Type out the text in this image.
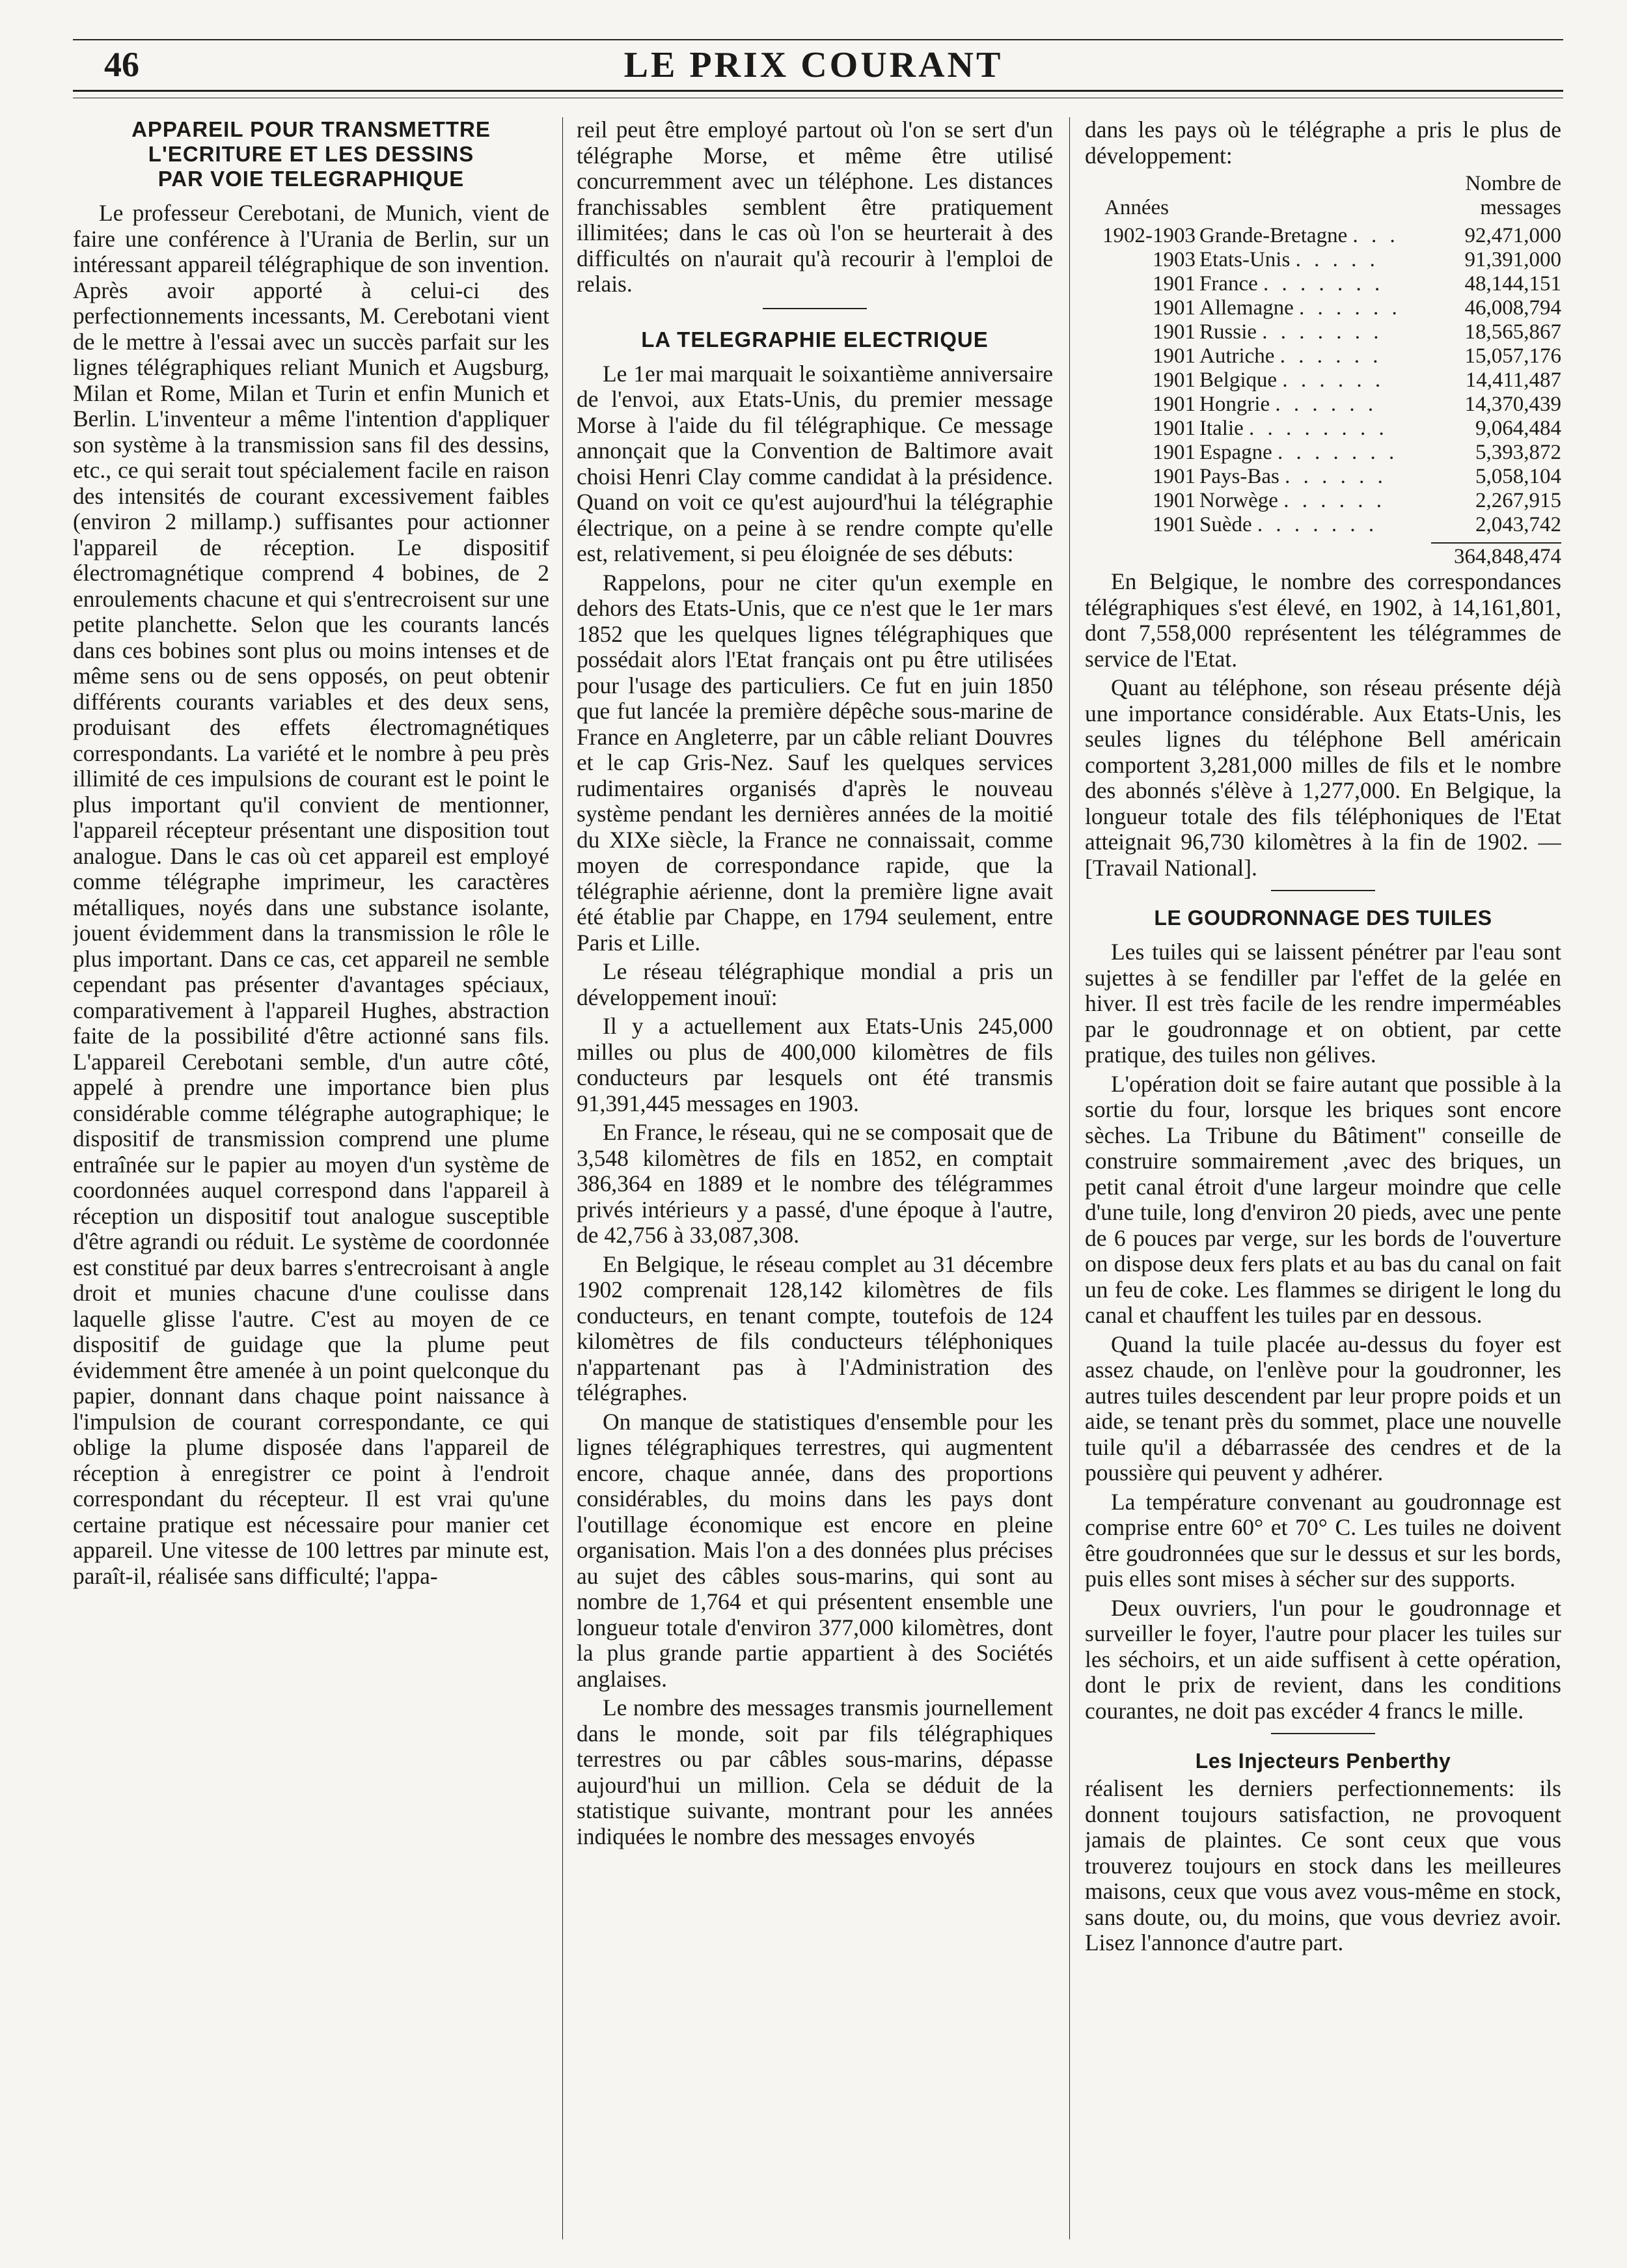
46	LE PRIX COURANT
APPAREIL POUR TRANSMETTRE
L'ECRITURE ET LES DESSINS
PAR VOIE TELEGRAPHIQUE

Le professeur Cerebotani, de Munich, vient de faire une conférence à l'Urania de Berlin, sur un intéressant appareil télégraphique de son invention. Après avoir apporté à celui-ci des perfectionnements incessants, M. Cerebotani vient de le mettre à l'essai avec un succès parfait sur les lignes télégraphiques reliant Munich et Augsburg, Milan et Rome, Milan et Turin et enfin Munich et Berlin. L'inventeur a même l'intention d'appliquer son système à la transmission sans fil des dessins, etc., ce qui serait tout spécialement facile en raison des intensités de courant excessivement faibles (environ 2 millamp.) suffisantes pour actionner l'appareil de réception. Le dispositif électromagnétique comprend 4 bobines, de 2 enroulements chacune et qui s'entrecroisent sur une petite planchette. Selon que les courants lancés dans ces bobines sont plus ou moins intenses et de même sens ou de sens opposés, on peut obtenir différents courants variables et des deux sens, produisant des effets électromagnétiques correspondants. La variété et le nombre à peu près illimité de ces impulsions de courant est le point le plus important qu'il convient de mentionner, l'appareil récepteur présentant une disposition tout analogue. Dans le cas où cet appareil est employé comme télégraphe imprimeur, les caractères métalliques, noyés dans une substance isolante, jouent évidemment dans la transmission le rôle le plus important. Dans ce cas, cet appareil ne semble cependant pas présenter d'avantages spéciaux, comparativement à l'appareil Hughes, abstraction faite de la possibilité d'être actionné sans fils. L'appareil Cerebotani semble, d'un autre côté, appelé à prendre une importance bien plus considérable comme télégraphe autographique; le dispositif de transmission comprend une plume entraînée sur le papier au moyen d'un système de coordonnées auquel correspond dans l'appareil à réception un dispositif tout analogue susceptible d'être agrandi ou réduit. Le système de coordonnée est constitué par deux barres s'entrecroisant à angle droit et munies chacune d'une coulisse dans laquelle glisse l'autre. C'est au moyen de ce dispositif de guidage que la plume peut évidemment être amenée à un point quelconque du papier, donnant dans chaque point naissance à l'impulsion de courant correspondante, ce qui oblige la plume disposée dans l'appareil de réception à enregistrer ce point à l'endroit correspondant du récepteur. Il est vrai qu'une certaine pratique est nécessaire pour manier cet appareil. Une vitesse de 100 lettres par minute est, paraît-il, réalisée sans difficulté; l'appa-

reil peut être employé partout où l'on se sert d'un télégraphe Morse, et même être utilisé concurremment avec un téléphone. Les distances franchissables semblent être pratiquement illimitées; dans le cas où l'on se heurterait à des difficultés on n'aurait qu'à recourir à l'emploi de relais.

LA TELEGRAPHIE ELECTRIQUE

Le 1er mai marquait le soixantième anniversaire de l'envoi, aux Etats-Unis, du premier message Morse à l'aide du fil télégraphique. Ce message annonçait que la Convention de Baltimore avait choisi Henri Clay comme candidat à la présidence. Quand on voit ce qu'est aujourd'hui la télégraphie électrique, on a peine à se rendre compte qu'elle est, relativement, si peu éloignée de ses débuts:

Rappelons, pour ne citer qu'un exemple en dehors des Etats-Unis, que ce n'est que le 1er mars 1852 que les quelques lignes télégraphiques que possédait alors l'Etat français ont pu être utilisées pour l'usage des particuliers. Ce fut en juin 1850 que fut lancée la première dépêche sous-marine de France en Angleterre, par un câble reliant Douvres et le cap Gris-Nez. Sauf les quelques services rudimentaires organisés d'après le nouveau système pendant les dernières années de la moitié du XIXe siècle, la France ne connaissait, comme moyen de correspondance rapide, que la télégraphie aérienne, dont la première ligne avait été établie par Chappe, en 1794 seulement, entre Paris et Lille.

Le réseau télégraphique mondial a pris un développement inouï:

Il y a actuellement aux Etats-Unis 245,000 milles ou plus de 400,000 kilomètres de fils conducteurs par lesquels ont été transmis 91,391,445 messages en 1903.

En France, le réseau, qui ne se composait que de 3,548 kilomètres de fils en 1852, en comptait 386,364 en 1889 et le nombre des télégrammes privés intérieurs y a passé, d'une époque à l'autre, de 42,756 à 33,087,308.

En Belgique, le réseau complet au 31 décembre 1902 comprenait 128,142 kilomètres de fils conducteurs, en tenant compte, toutefois de 124 kilomètres de fils conducteurs téléphoniques n'appartenant pas à l'Administration des télégraphes.

On manque de statistiques d'ensemble pour les lignes télégraphiques terrestres, qui augmentent encore, chaque année, dans des proportions considérables, du moins dans les pays dont l'outillage économique est encore en pleine organisation. Mais l'on a des données plus précises au sujet des câbles sous-marins, qui sont au nombre de 1,764 et qui présentent ensemble une longueur totale d'environ 377,000 kilomètres, dont la plus grande partie appartient à des Sociétés anglaises.

Le nombre des messages transmis journellement dans le monde, soit par fils télégraphiques terrestres ou par câbles sous-marins, dépasse aujourd'hui un million. Cela se déduit de la statistique suivante, montrant pour les années indiquées le nombre des messages envoyés

dans les pays où le télégraphe a pris le plus de développement:

Années
Nombre de
messages
1902-1903	Grande-Bretagne . . .	92,471,000
1903	Etats-Unis . . . . .	91,391,000
1901	France . . . . . . .	48,144,151
1901	Allemagne . . . . . .	46,008,794
1901	Russie . . . . . . .	18,565,867
1901	Autriche . . . . . .	15,057,176
1901	Belgique . . . . . .	14,411,487
1901	Hongrie . . . . . .	14,370,439
1901	Italie . . . . . . . .	9,064,484
1901	Espagne . . . . . . .	5,393,872
1901	Pays-Bas . . . . . .	5,058,104
1901	Norwège . . . . . .	2,267,915
1901	Suède . . . . . . .	2,043,742
364,848,474

En Belgique, le nombre des correspondances télégraphiques s'est élevé, en 1902, à 14,161,801, dont 7,558,000 représentent les télégrammes de service de l'Etat.

Quant au téléphone, son réseau présente déjà une importance considérable. Aux Etats-Unis, les seules lignes du téléphone Bell américain comportent 3,281,000 milles de fils et le nombre des abonnés s'élève à 1,277,000. En Belgique, la longueur totale des fils téléphoniques de l'Etat atteignait 96,730 kilomètres à la fin de 1902. — [Travail National].

LE GOUDRONNAGE DES TUILES

Les tuiles qui se laissent pénétrer par l'eau sont sujettes à se fendiller par l'effet de la gelée en hiver. Il est très facile de les rendre imperméables par le goudronnage et on obtient, par cette pratique, des tuiles non gélives.

L'opération doit se faire autant que possible à la sortie du four, lorsque les briques sont encore sèches. La Tribune du Bâtiment" conseille de construire sommairement ,avec des briques, un petit canal étroit d'une largeur moindre que celle d'une tuile, long d'environ 20 pieds, avec une pente de 6 pouces par verge, sur les bords de l'ouverture on dispose deux fers plats et au bas du canal on fait un feu de coke. Les flammes se dirigent le long du canal et chauffent les tuiles par en dessous.

Quand la tuile placée au-dessus du foyer est assez chaude, on l'enlève pour la goudronner, les autres tuiles descendent par leur propre poids et un aide, se tenant près du sommet, place une nouvelle tuile qu'il a débarrassée des cendres et de la poussière qui peuvent y adhérer.

La température convenant au goudronnage est comprise entre 60° et 70° C. Les tuiles ne doivent être goudronnées que sur le dessus et sur les bords, puis elles sont mises à sécher sur des supports.

Deux ouvriers, l'un pour le goudronnage et surveiller le foyer, l'autre pour placer les tuiles sur les séchoirs, et un aide suffisent à cette opération, dont le prix de revient, dans les conditions courantes, ne doit pas excéder 4 francs le mille.

Les Injecteurs Penberthy

réalisent les derniers perfectionnements: ils donnent toujours satisfaction, ne provoquent jamais de plaintes. Ce sont ceux que vous trouverez toujours en stock dans les meilleures maisons, ceux que vous avez vous-même en stock, sans doute, ou, du moins, que vous devriez avoir. Lisez l'annonce d'autre part.
